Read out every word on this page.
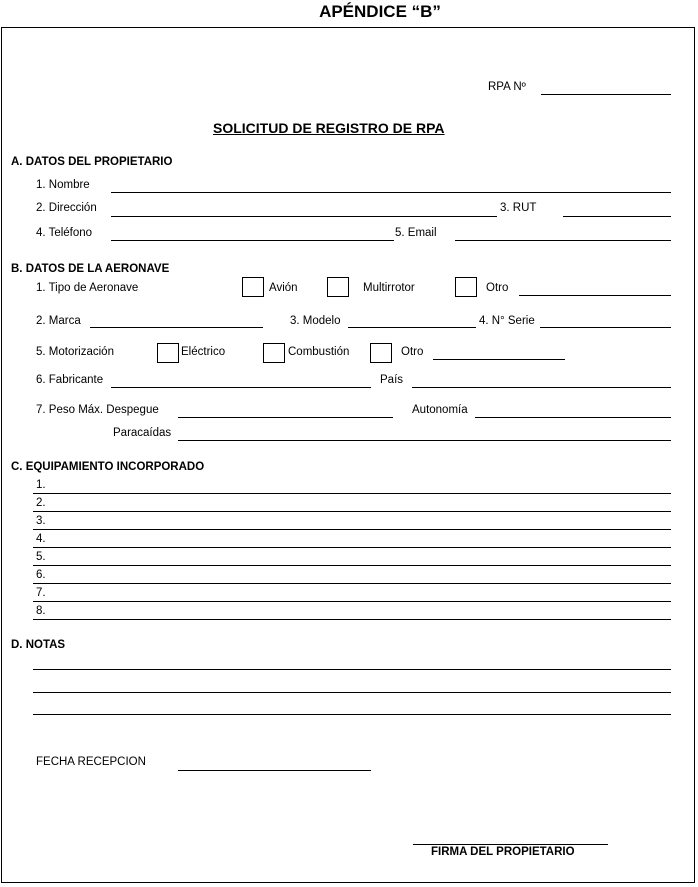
APÉNDICE “B”
RPA Nº
SOLICITUD DE REGISTRO DE RPA
A. DATOS DEL PROPIETARIO
1. Nombre
2. Dirección	3. RUT
4. Teléfono	5. Email
B. DATOS DE LA AERONAVE
1. Tipo de Aeronave	Avión	Multirrotor	Otro
2. Marca	3. Modelo	4. N° Serie
5. Motorización	Eléctrico	Combustión	Otro
6. Fabricante	País
7. Peso Máx. Despegue	Autonomía
Paracaídas
C. EQUIPAMIENTO INCORPORADO
1.
2.
3.
4.
5.
6.
7.
8.
D. NOTAS
FECHA RECEPCION
FIRMA DEL PROPIETARIO
